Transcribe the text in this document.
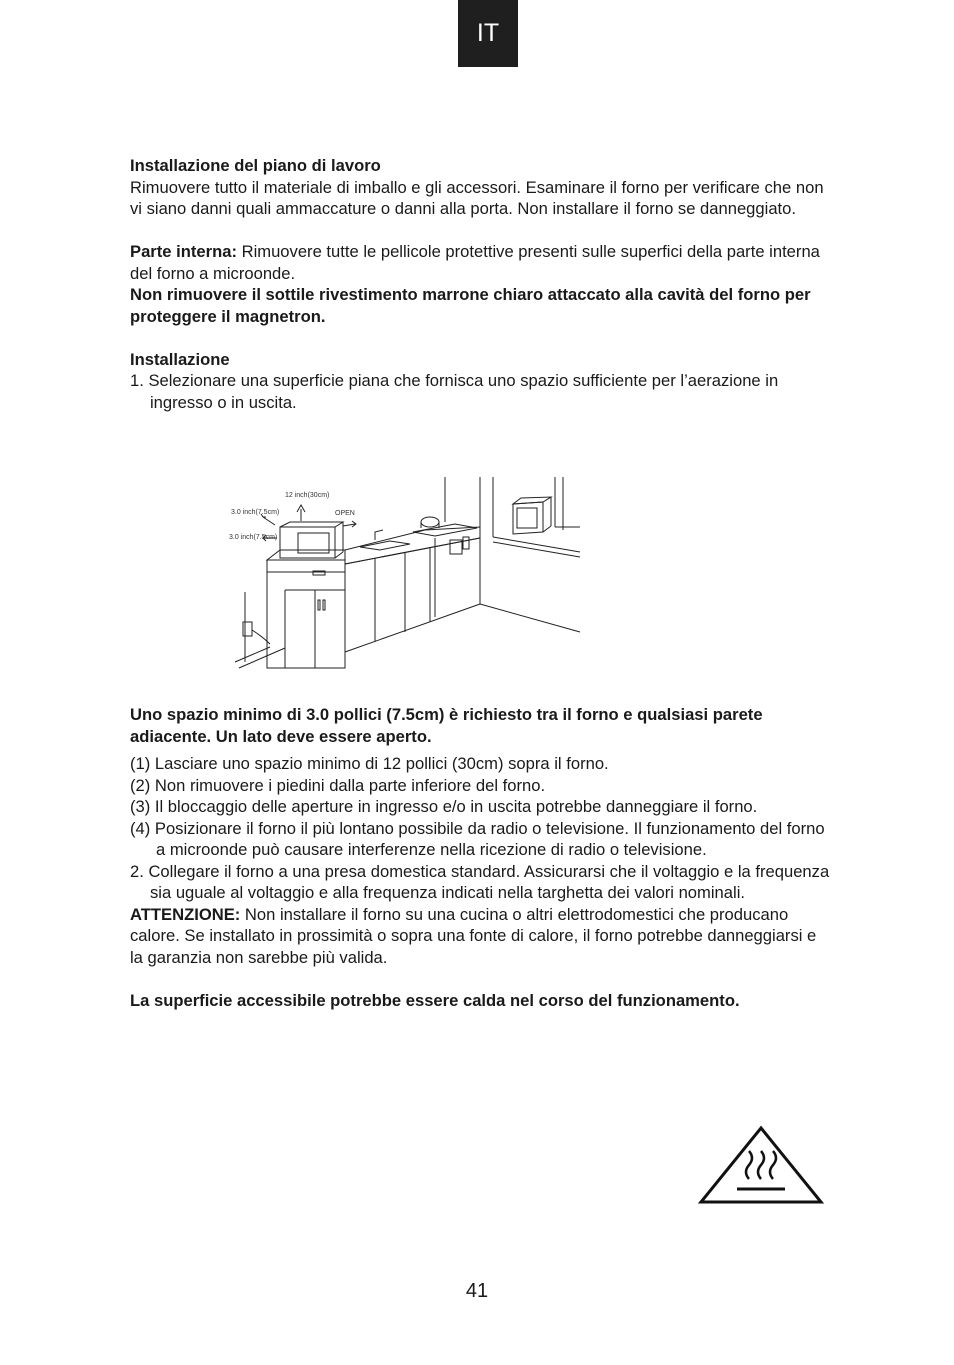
IT

Installazione del piano di lavoro

Rimuovere tutto il materiale di imballo e gli accessori. Esaminare il forno per verificare che non vi siano danni quali ammaccature o danni alla porta. Non installare il forno se danneggiato.

Parte interna: Rimuovere tutte le pellicole protettive presenti sulle superfici della parte interna del forno a microonde.

Non rimuovere il sottile rivestimento marrone chiaro attaccato alla cavità del forno per proteggere il magnetron.

Installazione

1. Selezionare una superficie piana che fornisca uno spazio sufficiente per l’aerazione in ingresso o in uscita.

12 inch(30cm)
3.0 inch(7.5cm)
3.0 inch(7.5cm)
OPEN

Uno spazio minimo di 3.0 pollici (7.5cm) è richiesto tra il forno e qualsiasi parete adiacente. Un lato deve essere aperto.

(1) Lasciare uno spazio minimo di 12 pollici (30cm) sopra il forno.

(2) Non rimuovere i piedini dalla parte inferiore del forno.

(3) Il bloccaggio delle aperture in ingresso e/o in uscita potrebbe danneggiare il forno.

(4) Posizionare il forno il più lontano possibile da radio o televisione. Il funzionamento del forno a microonde può causare interferenze nella ricezione di radio o televisione.

2. Collegare il forno a una presa domestica standard. Assicurarsi che il voltaggio e la frequenza sia uguale al voltaggio e alla frequenza indicati nella targhetta dei valori nominali.

ATTENZIONE: Non installare il forno su una cucina o altri elettrodomestici che producano calore. Se installato in prossimità o sopra una fonte di calore, il forno potrebbe danneggiarsi e la garanzia non sarebbe più valida.

La superficie accessibile potrebbe essere calda nel corso del funzionamento.

41
